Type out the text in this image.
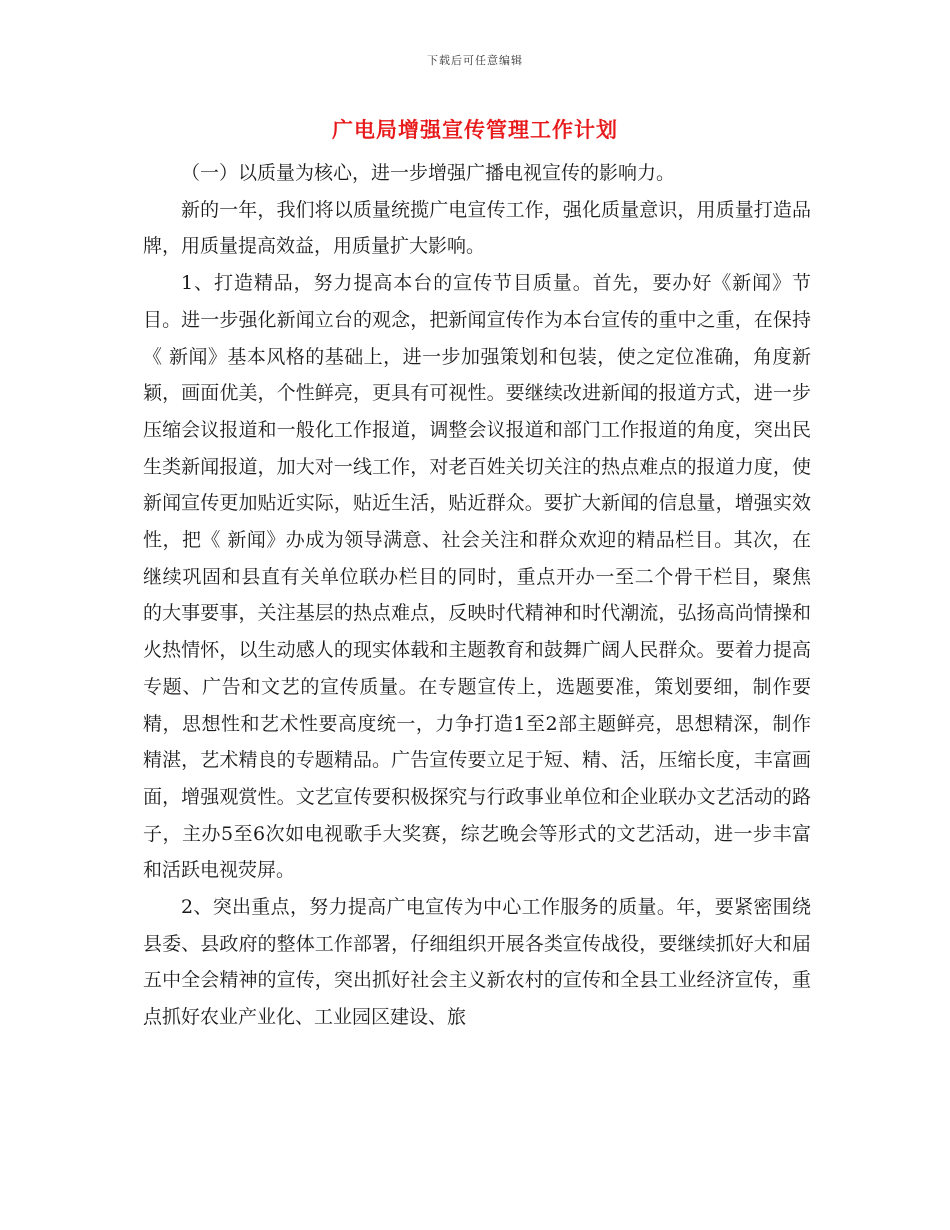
下载后可任意编辑
广电局增强宣传管理工作计划

（一）以质量为核心，进一步增强广播电视宣传的影响力。

新的一年，我们将以质量统揽广电宣传工作，强化质量意识，用质量打造品牌，用质量提高效益，用质量扩大影响。

1、打造精品，努力提高本台的宣传节目质量。首先，要办好《新闻》节目。进一步强化新闻立台的观念，把新闻宣传作为本台宣传的重中之重，在保持《 新闻》基本风格的基础上，进一步加强策划和包装，使之定位准确，角度新颖，画面优美，个性鲜亮，更具有可视性。要继续改进新闻的报道方式，进一步压缩会议报道和一般化工作报道，调整会议报道和部门工作报道的角度，突出民生类新闻报道，加大对一线工作，对老百姓关切关注的热点难点的报道力度，使新闻宣传更加贴近实际，贴近生活，贴近群众。要扩大新闻的信息量，增强实效性，把《 新闻》办成为领导满意、社会关注和群众欢迎的精品栏目。其次，在继续巩固和县直有关单位联办栏目的同时，重点开办一至二个骨干栏目，聚焦 的大事要事，关注基层的热点难点，反映时代精神和时代潮流，弘扬高尚情操和火热情怀，以生动感人的现实体载和主题教育和鼓舞广阔人民群众。要着力提高专题、广告和文艺的宣传质量。在专题宣传上，选题要准，策划要细，制作要精，思想性和艺术性要高度统一，力争打造1至2部主题鲜亮，思想精深，制作精湛，艺术精良的专题精品。广告宣传要立足于短、精、活，压缩长度，丰富画面，增强观赏性。文艺宣传要积极探究与行政事业单位和企业联办文艺活动的路子，主办5至6次如电视歌手大奖赛，综艺晚会等形式的文艺活动，进一步丰富和活跃电视荧屏。

2、突出重点，努力提高广电宣传为中心工作服务的质量。年，要紧密围绕县委、县政府的整体工作部署，仔细组织开展各类宣传战役，要继续抓好大和届五中全会精神的宣传，突出抓好社会主义新农村的宣传和全县工业经济宣传，重点抓好农业产业化、工业园区建设、旅
